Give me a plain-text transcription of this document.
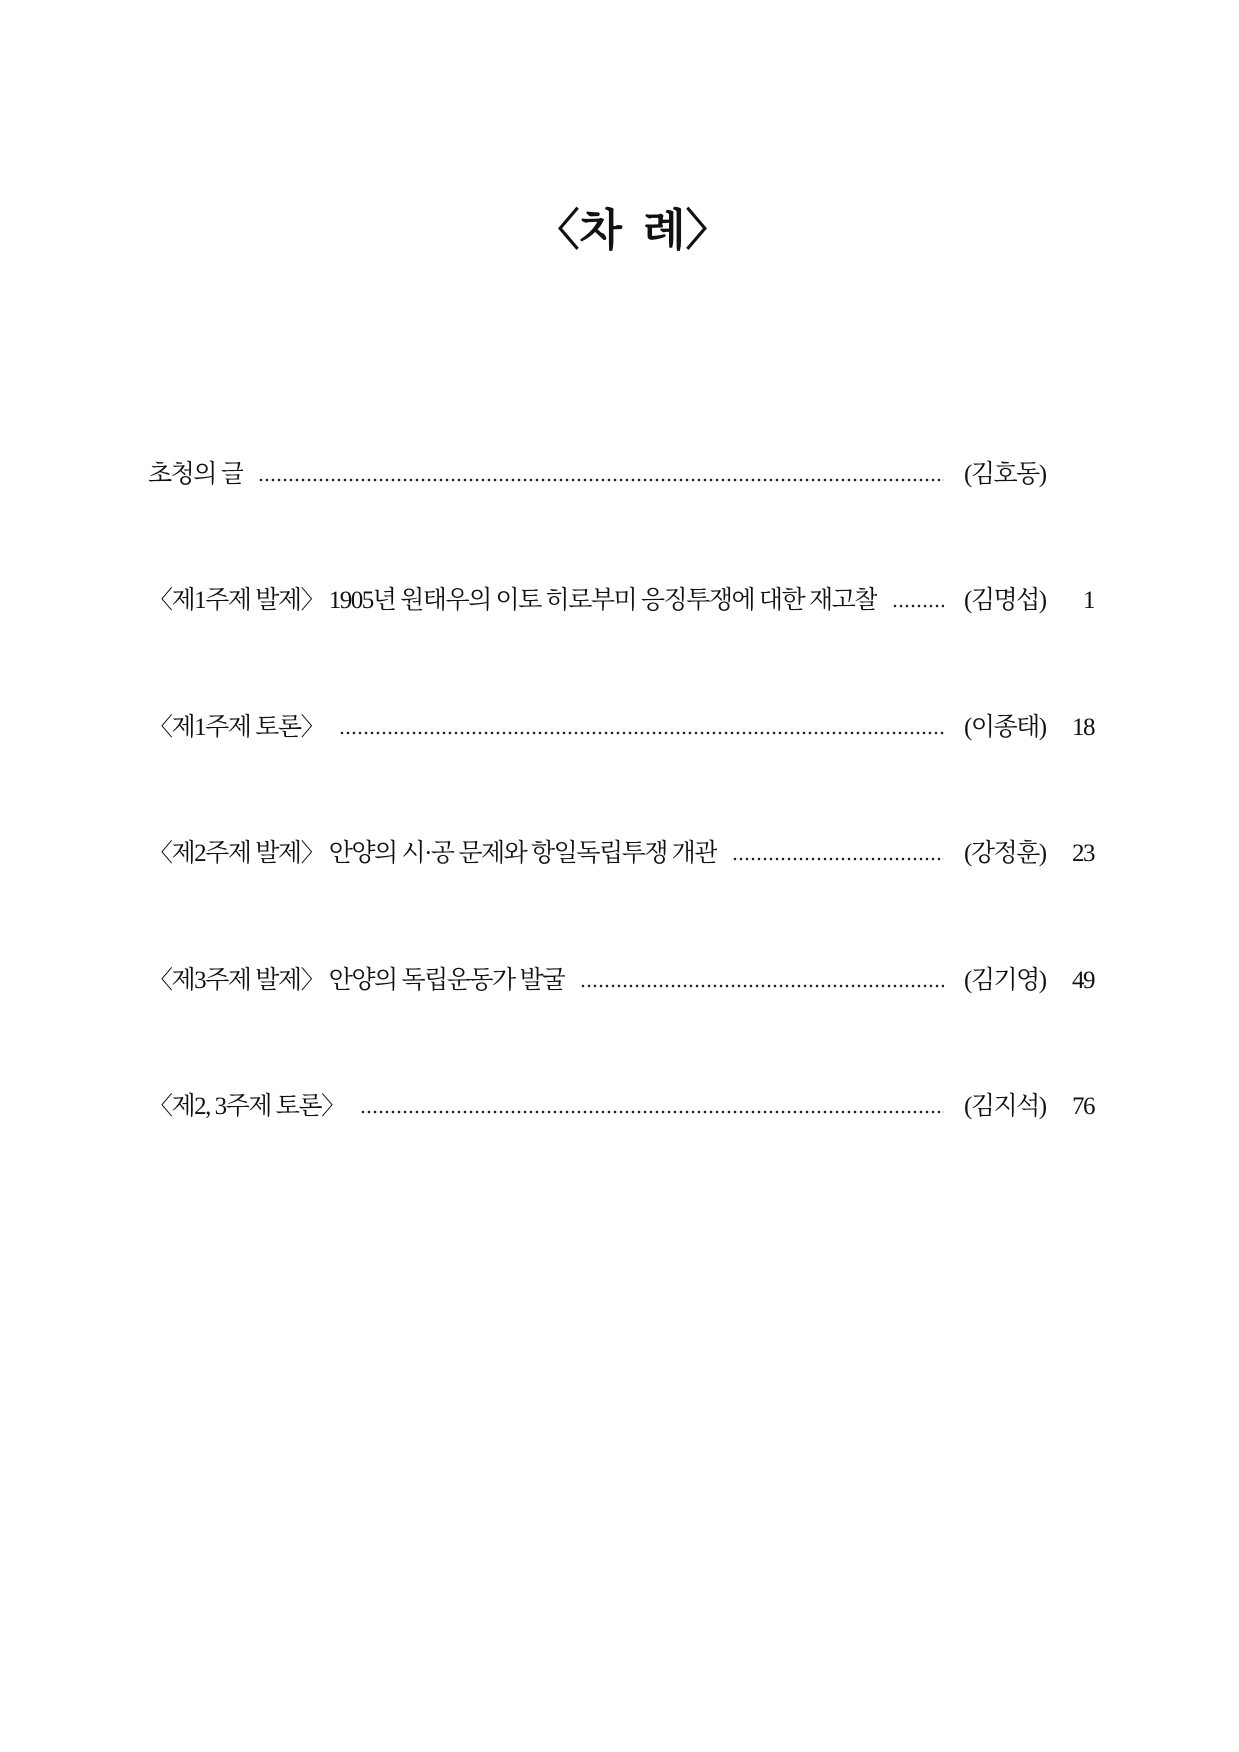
〈차 례〉
초청의 글	(김호동)
〈제1주제 발제〉 1905년 원태우의 이토 히로부미 응징투쟁에 대한 재고찰	(김명섭)	1
〈제1주제 토론〉	(이종태)	18
〈제2주제 발제〉 안양의 시·공 문제와 항일독립투쟁 개관	(강정훈)	23
〈제3주제 발제〉 안양의 독립운동가 발굴	(김기영)	49
〈제2, 3주제 토론〉	(김지석)	76
